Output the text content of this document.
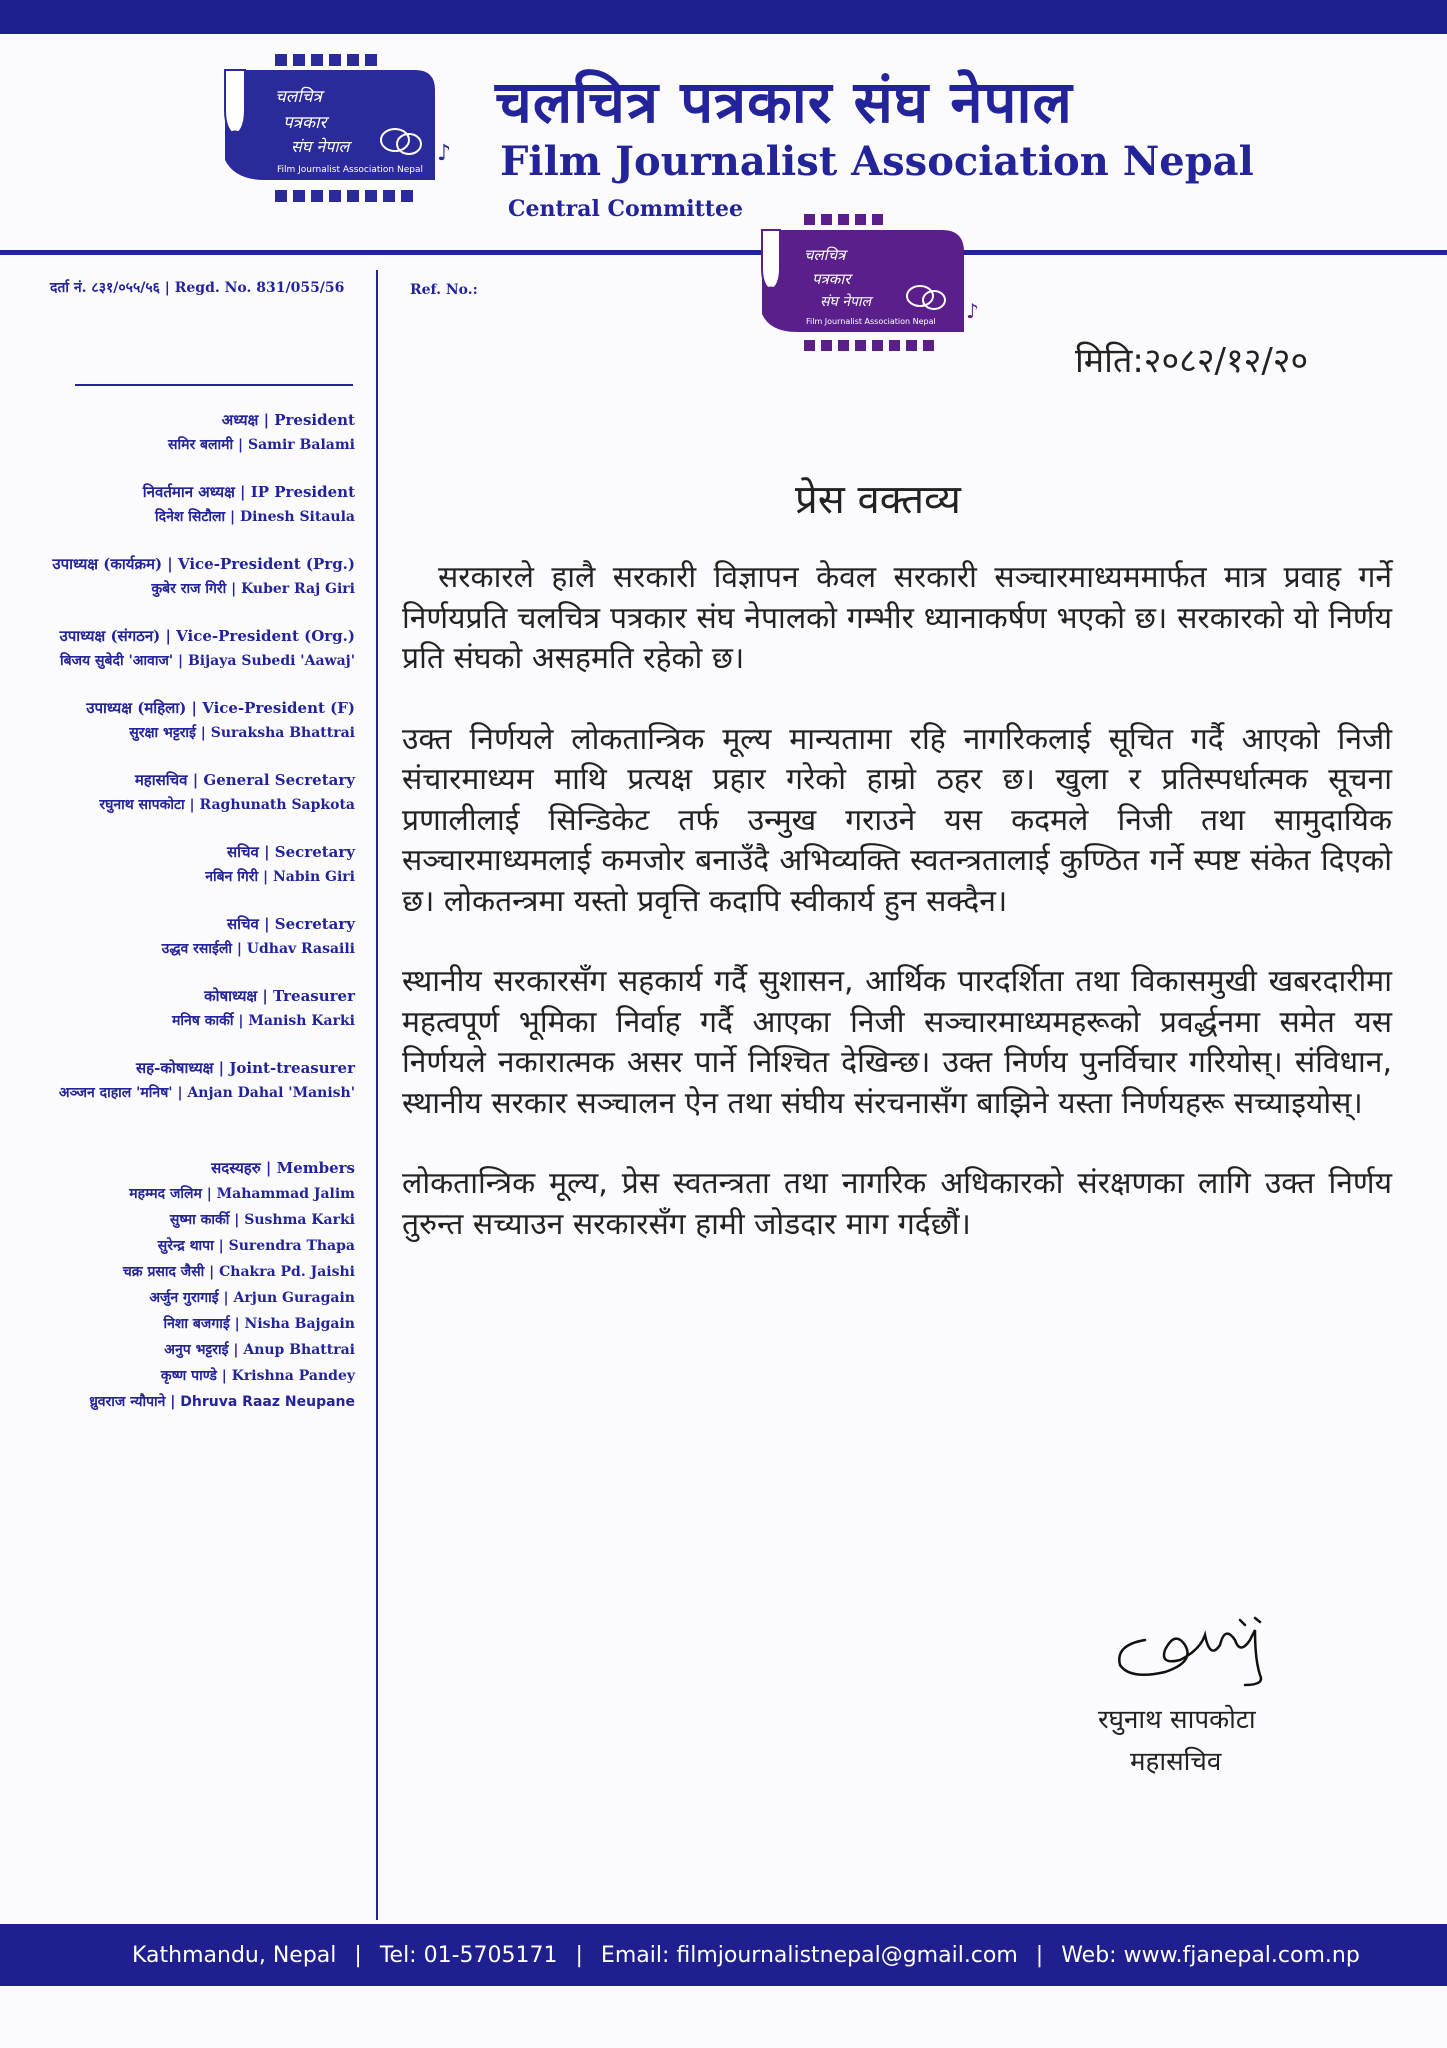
चलचित्र
पत्रकार
संघ नेपाल
Film Journalist Association Nepal
♪
चलचित्र पत्रकार संघ नेपाल
Film Journalist Association Nepal
Central Committee
चलचित्र
पत्रकार
संघ नेपाल
Film Journalist Association Nepal ♪
दर्ता नं. ८३१/०५५/५६ | Regd. No. 831/055/56	Ref. No.:
अध्यक्ष | President
समिर बलामी | Samir Balami
निवर्तमान अध्यक्ष | IP President
दिनेश सिटौला | Dinesh Sitaula
उपाध्यक्ष (कार्यक्रम) | Vice-President (Prg.)
कुबेर राज गिरी | Kuber Raj Giri
उपाध्यक्ष (संगठन) | Vice-President (Org.)
बिजय सुबेदी 'आवाज' | Bijaya Subedi 'Aawaj'
उपाध्यक्ष (महिला) | Vice-President (F)
सुरक्षा भट्टराई | Suraksha Bhattrai
महासचिव | General Secretary
रघुनाथ सापकोटा | Raghunath Sapkota
सचिव | Secretary
नबिन गिरी | Nabin Giri
सचिव | Secretary
उद्धव रसाईली | Udhav Rasaili
कोषाध्यक्ष | Treasurer
मनिष कार्की | Manish Karki
सह-कोषाध्यक्ष | Joint-treasurer
अञ्जन दाहाल 'मनिष' | Anjan Dahal 'Manish'
सदस्यहरु | Members
महम्मद जलिम | Mahammad Jalim
सुष्मा कार्की | Sushma Karki
सुरेन्द्र थापा | Surendra Thapa
चक्र प्रसाद जैसी | Chakra Pd. Jaishi
अर्जुन गुरागाई | Arjun Guragain
निशा बजगाई | Nisha Bajgain
अनुप भट्टराई | Anup Bhattrai
कृष्ण पाण्डे | Krishna Pandey
ध्रुवराज न्यौपाने | Dhruva Raaz Neupane
मिति:२०८२/१२/२०
प्रेस वक्तव्य

सरकारले हालै सरकारी विज्ञापन केवल सरकारी सञ्चारमाध्यममार्फत मात्र प्रवाह गर्ने निर्णयप्रति चलचित्र पत्रकार संघ नेपालको गम्भीर ध्यानाकर्षण भएको छ। सरकारको यो निर्णय प्रति संघको असहमति रहेको छ।

उक्त निर्णयले लोकतान्त्रिक मूल्य मान्यतामा रहि नागरिकलाई सूचित गर्दै आएको निजी संचारमाध्यम माथि प्रत्यक्ष प्रहार गरेको हाम्रो ठहर छ। खुला र प्रतिस्पर्धात्मक सूचना प्रणालीलाई सिन्डिकेट तर्फ उन्मुख गराउने यस कदमले निजी तथा सामुदायिक सञ्चारमाध्यमलाई कमजोर बनाउँदै अभिव्यक्ति स्वतन्त्रतालाई कुण्ठित गर्ने स्पष्ट संकेत दिएको छ। लोकतन्त्रमा यस्तो प्रवृत्ति कदापि स्वीकार्य हुन सक्दैन।

स्थानीय सरकारसँग सहकार्य गर्दै सुशासन, आर्थिक पारदर्शिता तथा विकासमुखी खबरदारीमा महत्वपूर्ण भूमिका निर्वाह गर्दै आएका निजी सञ्चारमाध्यमहरूको प्रवर्द्धनमा समेत यस निर्णयले नकारात्मक असर पार्ने निश्चित देखिन्छ। उक्त निर्णय पुनर्विचार गरियोस्। संविधान, स्थानीय सरकार सञ्चालन ऐन तथा संघीय संरचनासँग बाझिने यस्ता निर्णयहरू सच्याइयोस्।

लोकतान्त्रिक मूल्य, प्रेस स्वतन्त्रता तथा नागरिक अधिकारको संरक्षणका लागि उक्त निर्णय तुरुन्त सच्याउन सरकारसँग हामी जोडदार माग गर्दछौं।

रघुनाथ सापकोटा
महासचिव
Kathmandu, Nepal | Tel: 01-5705171 | Email: filmjournalistnepal@gmail.com | Web: www.fjanepal.com.np
